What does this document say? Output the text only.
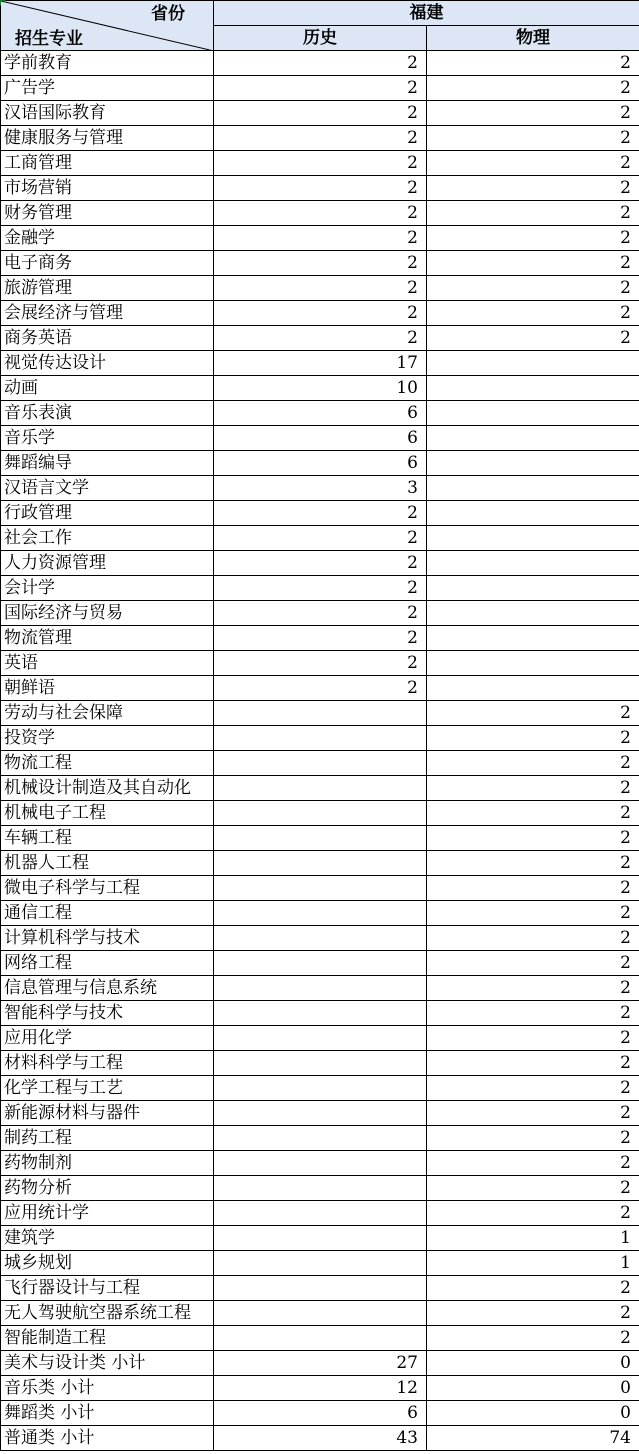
省份
招生专业	福建	
	历史	物理
学前教育	2	2
广告学	2	2
汉语国际教育	2	2
健康服务与管理	2	2
工商管理	2	2
市场营销	2	2
财务管理	2	2
金融学	2	2
电子商务	2	2
旅游管理	2	2
会展经济与管理	2	2
商务英语	2	2
视觉传达设计	17	
动画	10	
音乐表演	6	
音乐学	6	
舞蹈编导	6	
汉语言文学	3	
行政管理	2	
社会工作	2	
人力资源管理	2	
会计学	2	
国际经济与贸易	2	
物流管理	2	
英语	2	
朝鲜语	2	
劳动与社会保障		2
投资学		2
物流工程		2
机械设计制造及其自动化		2
机械电子工程		2
车辆工程		2
机器人工程		2
微电子科学与工程		2
通信工程		2
计算机科学与技术		2
网络工程		2
信息管理与信息系统		2
智能科学与技术		2
应用化学		2
材料科学与工程		2
化学工程与工艺		2
新能源材料与器件		2
制药工程		2
药物制剂		2
药物分析		2
应用统计学		2
建筑学		1
城乡规划		1
飞行器设计与工程		2
无人驾驶航空器系统工程		2
智能制造工程		2
美术与设计类 小计	27	0
音乐类 小计	12	0
舞蹈类 小计	6	0
普通类 小计	43	74
